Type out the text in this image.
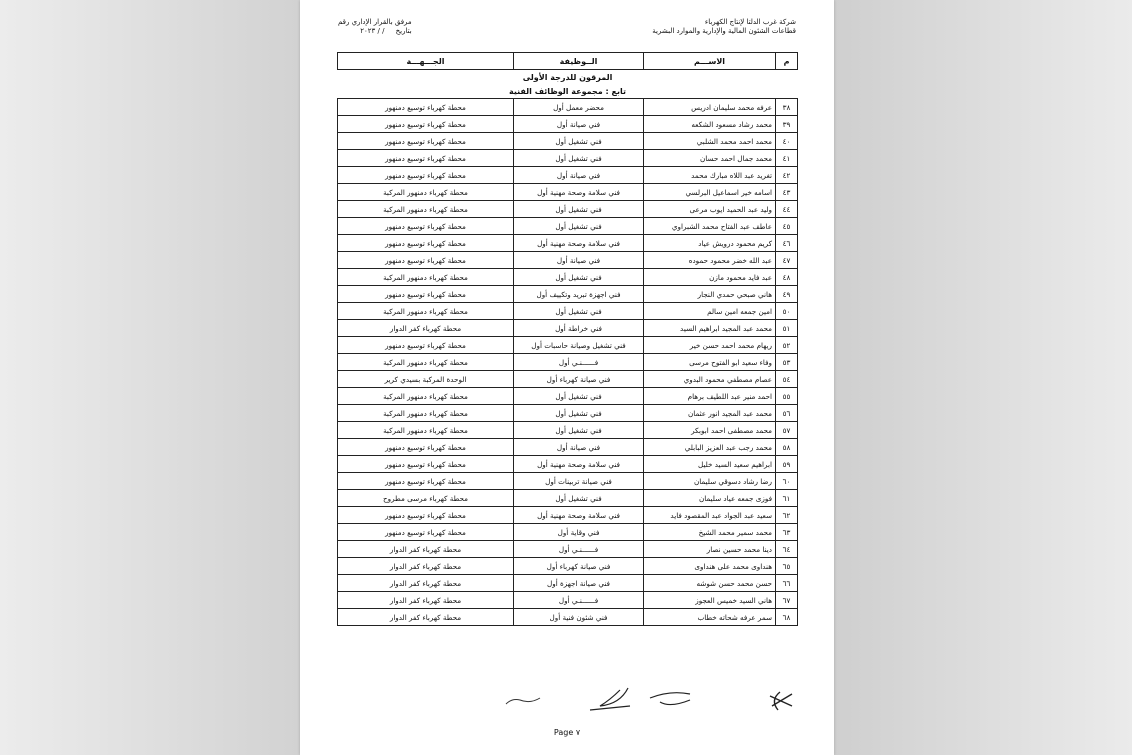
شركة غرب الدلتا لإنتاج الكهرباء
قطاعات الشئون المالية والإدارية والموارد البشرية
مرفق بالقرار الإداري رقم
بتاريخ     / / ٢٠٢٣
م	الاســـم	الــوظيفة	الجـــهـــة
المرقون للدرجة الأولى			
تابع : مجموعة الوظائف الفنية			
٣٨	عرفه محمد سليمان ادريس	محضر معمل أول	محطة كهرباء توسيع دمنهور
٣٩	محمد رشاد مسعود الشكعه	فني صيانة أول	محطة كهرباء توسيع دمنهور
٤٠	محمد احمد محمد الشلبي	فني تشغيل أول	محطة كهرباء توسيع دمنهور
٤١	محمد جمال احمد حسان	فني تشغيل أول	محطة كهرباء توسيع دمنهور
٤٢	تغريد عبد اللاه مبارك محمد	فني صيانة أول	محطة كهرباء توسيع دمنهور
٤٣	اسامه خير اسماعيل البرلسي	فني سلامة وصحة مهنية أول	محطة كهرباء دمنهور المركبة
٤٤	وليد عبد الحميد ايوب مرعى	فني تشغيل أول	محطة كهرباء دمنهور المركبة
٤٥	عاطف عبد الفتاح محمد الشبراوي	فني تشغيل أول	محطة كهرباء توسيع دمنهور
٤٦	كريم محمود درويش عياد	فني سلامة وصحة مهنية أول	محطة كهرباء توسيع دمنهور
٤٧	عبد الله خضر محمود حموده	فني صيانة أول	محطة كهرباء توسيع دمنهور
٤٨	عبد فايد محمود مازن	فني تشغيل أول	محطة كهرباء دمنهور المركبة
٤٩	هاني صبحي حمدي النجار	فني اجهزة تبريد وتكييف أول	محطة كهرباء توسيع دمنهور
٥٠	امين جمعه امين سالم	فني تشغيل أول	محطة كهرباء دمنهور المركبة
٥١	محمد عبد المجيد ابراهيم السيد	فني خراطة أول	محطة كهرباء كفر الدوار
٥٢	ريهام محمد احمد حسن خير	فني تشغيل وصيانة حاسبات أول	محطة كهرباء توسيع دمنهور
٥٣	وفاء سعيد ابو الفتوح مرسى	فــــــنـي أول	محطة كهرباء دمنهور المركبة
٥٤	عصام مصطفي محمود البدوي	فني صيانة كهرباء أول	الوحدة المركبة بسيدي كرير
٥٥	احمد منير عبد اللطيف برهام	فني تشغيل أول	محطة كهرباء دمنهور المركبة
٥٦	محمد عبد المجيد انور عثمان	فني تشغيل أول	محطة كهرباء دمنهور المركبة
٥٧	محمد مصطفى احمد ابوبكر	فني تشغيل أول	محطة كهرباء دمنهور المركبة
٥٨	محمد رجب عبد العزيز البابلي	فني صيانة أول	محطة كهرباء توسيع دمنهور
٥٩	ابراهيم سعيد السيد خليل	فني سلامة وصحة مهنية أول	محطة كهرباء توسيع دمنهور
٦٠	رضا رشاد دسوقي سليمان	فني صيانة تربينات أول	محطة كهرباء توسيع دمنهور
٦١	فوزى جمعه عياد سليمان	فني تشغيل أول	محطة كهرباء مرسى مطروح
٦٢	سعيد عبد الجواد عبد المقصود فايد	فني سلامة وصحة مهنية أول	محطة كهرباء توسيع دمنهور
٦٣	محمد سمير محمد الشيخ	فني وقاية أول	محطة كهرباء توسيع دمنهور
٦٤	دينا محمد حسين نصار	فــــــنـي أول	محطة كهرباء كفر الدوار
٦٥	هنداوى محمد على هنداوى	فني صيانة كهرباء أول	محطة كهرباء كفر الدوار
٦٦	حسن محمد حسن شوشه	فني صيانة اجهزة أول	محطة كهرباء كفر الدوار
٦٧	هاني السيد خميس العجوز	فــــــنـي أول	محطة كهرباء كفر الدوار
٦٨	سمر عرفه شحاته خطاب	فني شئون فنية أول	محطة كهرباء كفر الدوار
Page ٧
